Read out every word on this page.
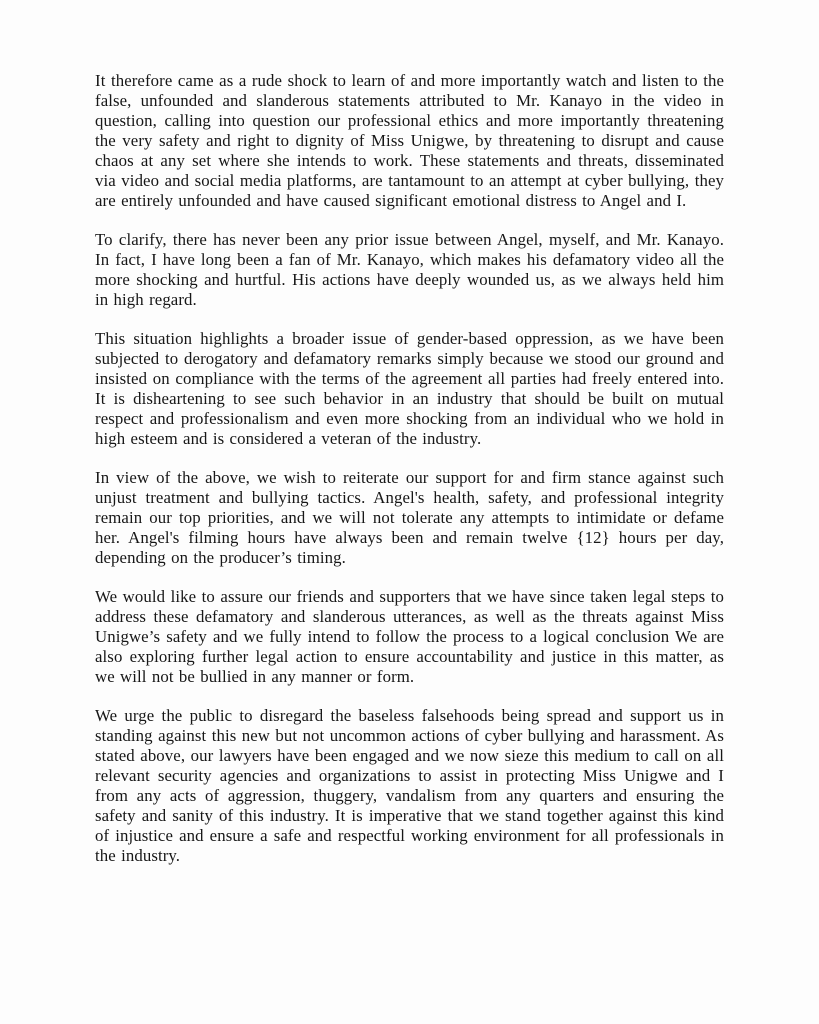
It therefore came as a rude shock to learn of and more importantly watch and listen to the false, unfounded and slanderous statements attributed to Mr. Kanayo in the video in question, calling into question our professional ethics and more importantly threatening the very safety and right to dignity of Miss Unigwe, by threatening to disrupt and cause chaos at any set where she intends to work. These statements and threats, disseminated via video and social media platforms, are tantamount to an attempt at cyber bullying, they are entirely unfounded and have caused significant emotional distress to Angel and I.

To clarify, there has never been any prior issue between Angel, myself, and Mr. Kanayo. In fact, I have long been a fan of Mr. Kanayo, which makes his defamatory video all the more shocking and hurtful. His actions have deeply wounded us, as we always held him in high regard.

This situation highlights a broader issue of gender-based oppression, as we have been subjected to derogatory and defamatory remarks simply because we stood our ground and insisted on compliance with the terms of the agreement all parties had freely entered into. It is disheartening to see such behavior in an industry that should be built on mutual respect and professionalism and even more shocking from an individual who we hold in high esteem and is considered a veteran of the industry.

In view of the above, we wish to reiterate our support for and firm stance against such unjust treatment and bullying tactics. Angel's health, safety, and professional integrity remain our top priorities, and we will not tolerate any attempts to intimidate or defame her. Angel's filming hours have always been and remain twelve {12} hours per day, depending on the producer’s timing.

We would like to assure our friends and supporters that we have since taken legal steps to address these defamatory and slanderous utterances, as well as the threats against Miss Unigwe’s safety and we fully intend to follow the process to a logical conclusion We are also exploring further legal action to ensure accountability and justice in this matter, as we will not be bullied in any manner or form.

We urge the public to disregard the baseless falsehoods being spread and support us in standing against this new but not uncommon actions of cyber bullying and harassment. As stated above, our lawyers have been engaged and we now sieze this medium to call on all relevant security agencies and organizations to assist in protecting Miss Unigwe and I from any acts of aggression, thuggery, vandalism from any quarters and ensuring the safety and sanity of this industry. It is imperative that we stand together against this kind of injustice and ensure a safe and respectful working environment for all professionals in the industry.
